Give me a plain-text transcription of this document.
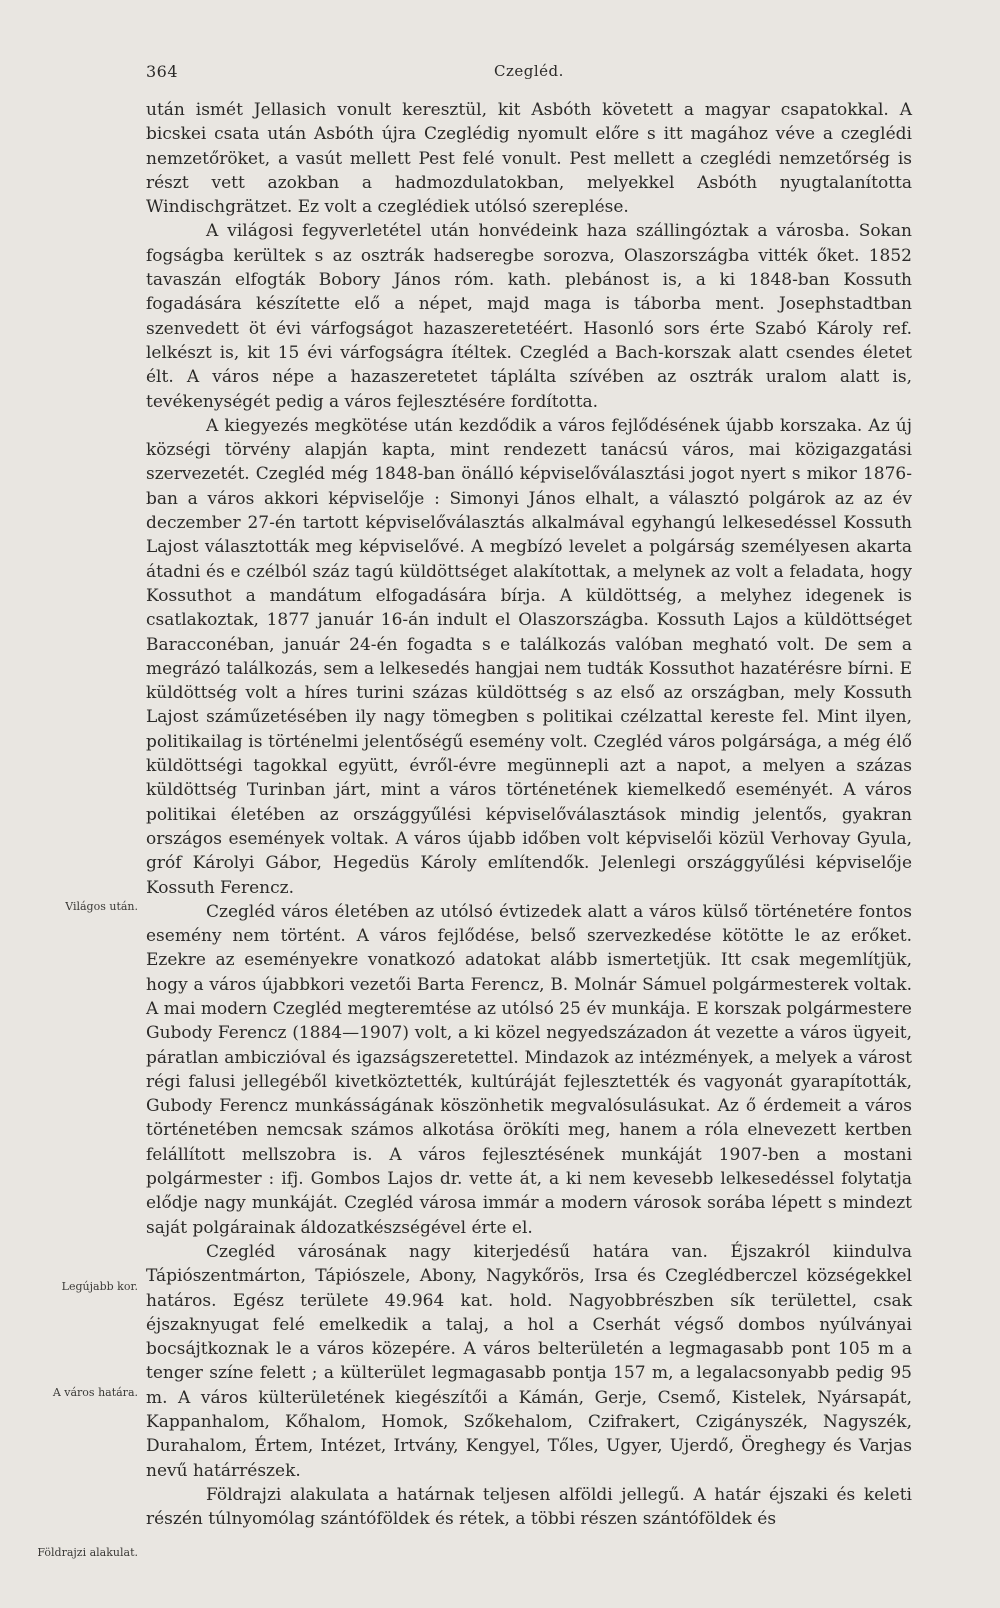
364	Czegléd.
Világos után.
Legújabb kor.

után ismét Jellasich vonult keresztül, kit Asbóth követett a magyar csapatokkal. A bicskei csata után Asbóth újra Czeglédig nyomult előre s itt magához véve a czeglédi nemzetőröket, a vasút mellett Pest felé vonult. Pest mellett a czeglédi nemzetőrség is részt vett azokban a hadmozdulatokban, melyekkel Asbóth nyugtalanította Windischgrätzet. Ez volt a czeglédiek utólsó szereplése.

A világosi fegyverletétel után honvédeink haza szállingóztak a városba. Sokan fogságba kerültek s az osztrák hadseregbe sorozva, Olaszországba vitték őket. 1852 tavaszán elfogták Bobory János róm. kath. plebánost is, a ki 1848-ban Kossuth fogadására készítette elő a népet, majd maga is táborba ment. Josephstadtban szenvedett öt évi várfogságot hazaszeretetéért. Hasonló sors érte Szabó Károly ref. lelkészt is, kit 15 évi várfogságra ítéltek. Czegléd a Bach-korszak alatt csendes életet élt. A város népe a hazaszeretetet táplálta szívében az osztrák uralom alatt is, tevékenységét pedig a város fejlesztésére fordította.

A kiegyezés megkötése után kezdődik a város fejlődésének újabb korszaka. Az új községi törvény alapján kapta, mint rendezett tanácsú város, mai közigazgatási szervezetét. Czegléd még 1848-ban önálló képviselőválasztási jogot nyert s mikor 1876-ban a város akkori képviselője : Simonyi János elhalt, a választó polgárok az az év deczember 27-én tartott képviselőválasztás alkalmával egyhangú lelkesedéssel Kossuth Lajost választották meg képviselővé. A megbízó levelet a polgárság személyesen akarta átadni és e czélból száz tagú küldöttséget alakítottak, a melynek az volt a feladata, hogy Kossuthot a mandátum elfogadására bírja. A küldöttség, a melyhez idegenek is csatlakoztak, 1877 január 16-án indult el Olaszországba. Kossuth Lajos a küldöttséget Baracconéban, január 24-én fogadta s e találkozás valóban megható volt. De sem a megrázó találkozás, sem a lelkesedés hangjai nem tudták Kossuthot hazatérésre bírni. E küldöttség volt a híres turini százas küldöttség s az első az országban, mely Kossuth Lajost száműzetésében ily nagy tömegben s politikai czélzattal kereste fel. Mint ilyen, politikailag is történelmi jelentőségű esemény volt. Czegléd város polgársága, a még élő küldöttségi tagokkal együtt, évről-évre megünnepli azt a napot, a melyen a százas küldöttség Turinban járt, mint a város történetének kiemelkedő eseményét. A város politikai életében az országgyűlési képviselőválasztások mindig jelentős, gyakran országos események voltak. A város újabb időben volt képviselői közül Verhovay Gyula, gróf Károlyi Gábor, Hegedüs Károly említendők. Jelenlegi országgyűlési képviselője Kossuth Ferencz.

Czegléd város életében az utólsó évtizedek alatt a város külső történetére fontos esemény nem történt. A város fejlődése, belső szervezkedése kötötte le az erőket. Ezekre az eseményekre vonatkozó adatokat alább ismertetjük. Itt csak megemlítjük, hogy a város újabbkori vezetői Barta Ferencz, B. Molnár Sámuel polgármesterek voltak. A mai modern Czegléd megteremtése az utólsó 25 év munkája. E korszak polgármestere Gubody Ferencz (1884—1907) volt, a ki közel negyedszázadon át vezette a város ügyeit, páratlan ambiczióval és igazságszeretettel. Mindazok az intézmények, a melyek a várost régi falusi jellegéből kivetköztették, kultúráját fejlesztették és vagyonát gyarapították, Gubody Ferencz munkásságának köszönhetik megvalósulásukat. Az ő érdemeit a város történetében nemcsak számos alkotása örökíti meg, hanem a róla elnevezett kertben felállított mellszobra is. A város fejlesztésének munkáját 1907-ben a mostani polgármester : ifj. Gombos Lajos dr. vette át, a ki nem kevesebb lelkesedéssel folytatja elődje nagy munkáját. Czegléd városa immár a modern városok sorába lépett s mindezt saját polgárainak áldozatkészségével érte el.

Czegléd városának nagy kiterjedésű határa van. Éjszakról kiindulva Tápiószentmárton, Tápiószele, Abony, Nagykőrös, Irsa és Czeglédberczel községekkel határos. Egész területe 49.964 kat. hold. Nagyobbrészben sík területtel, csak éjszaknyugat felé emelkedik a talaj, a hol a Cserhát végső dombos nyúlványai bocsájtkoznak le a város közepére. A város belterületén a legmagasabb pont 105 m a tenger színe felett ; a külterület legmagasabb pontja 157 m, a legalacsonyabb pedig 95 m. A város külterületének kiegészítői a Kámán, Gerje, Csemő, Kistelek, Nyársapát, Kappanhalom, Kőhalom, Homok, Szőkehalom, Czifrakert, Czigányszék, Nagyszék, Durahalom, Értem, Intézet, Irtvány, Kengyel, Tőles, Ugyer, Ujerdő, Öreghegy és Varjas nevű határrészek.

Földrajzi alakulata a határnak teljesen alföldi jellegű. A határ éjszaki és keleti részén túlnyomólag szántóföldek és rétek, a többi részen szántóföldek és

A város határa.
Földrajzi alakulat.
